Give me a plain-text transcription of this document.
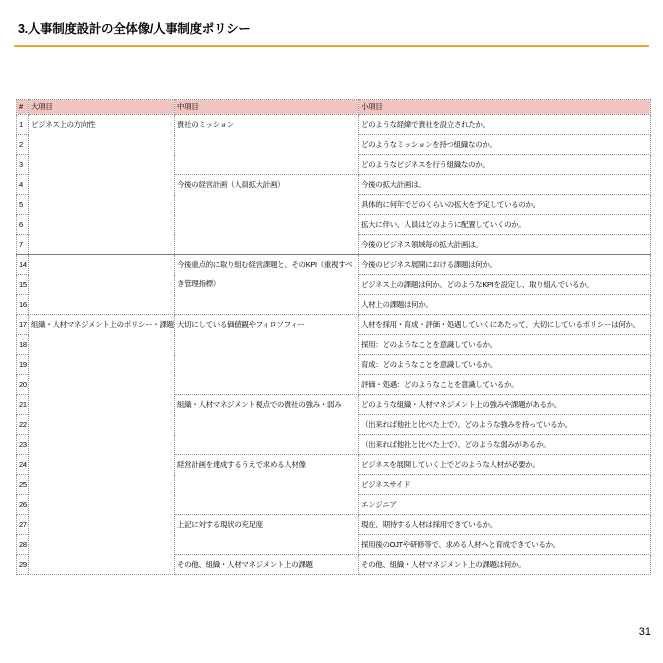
3.人事制度設計の全体像/人事制度ポリシー
#	大項目	中項目	小項目
1	ビジネス上の方向性	貴社のミッション	どのような経緯で貴社を設立されたか。
2			どのようなミッションを持つ組織なのか。
3			どのようなビジネスを行う組織なのか。
4		今後の経営計画（人員拡大計画）	今後の拡大計画は。
5			具体的に何年でどのくらいの拡大を予定しているのか。
6			拡大に伴い、人員はどのように配置していくのか。
7			今後のビジネス領域毎の拡大計画は。
14		今後重点的に取り組む経営課題と、そのKPI（重視すべき管理指標）	今後のビジネス展開における課題は何か。
15			ビジネス上の課題は何か。どのようなKPIを設定し、取り組んでいるか。
16			人材上の課題は何か。
17	組織・人材マネジメント上のポリシー・課題	大切にしている価値観やフィロソフィー	人材を採用・育成・評価・処遇していくにあたって、大切にしているポリシーは何か。
18			採用：どのようなことを意識しているか。
19			育成：どのようなことを意識しているか。
20			評価・処遇：どのようなことを意識しているか。
21		組織・人材マネジメント視点での貴社の強み・弱み	どのような組織・人材マネジメント上の強みや課題があるか。
22			（出来れば他社と比べた上で）、どのような強みを持っているか。
23			（出来れば他社と比べた上で）、どのような弱みがあるか。
24		経営計画を達成するうえで求める人材像	ビジネスを展開していく上でどのような人材が必要か。
25			ビジネスサイド
26			エンジニア
27		上記に対する現状の充足度	現在、期待する人材は採用できているか。
28			採用後のOJTや研修等で、求める人材へと育成できているか。
29		その他、組織・人材マネジメント上の課題	その他、組織・人材マネジメント上の課題は何か。
31
